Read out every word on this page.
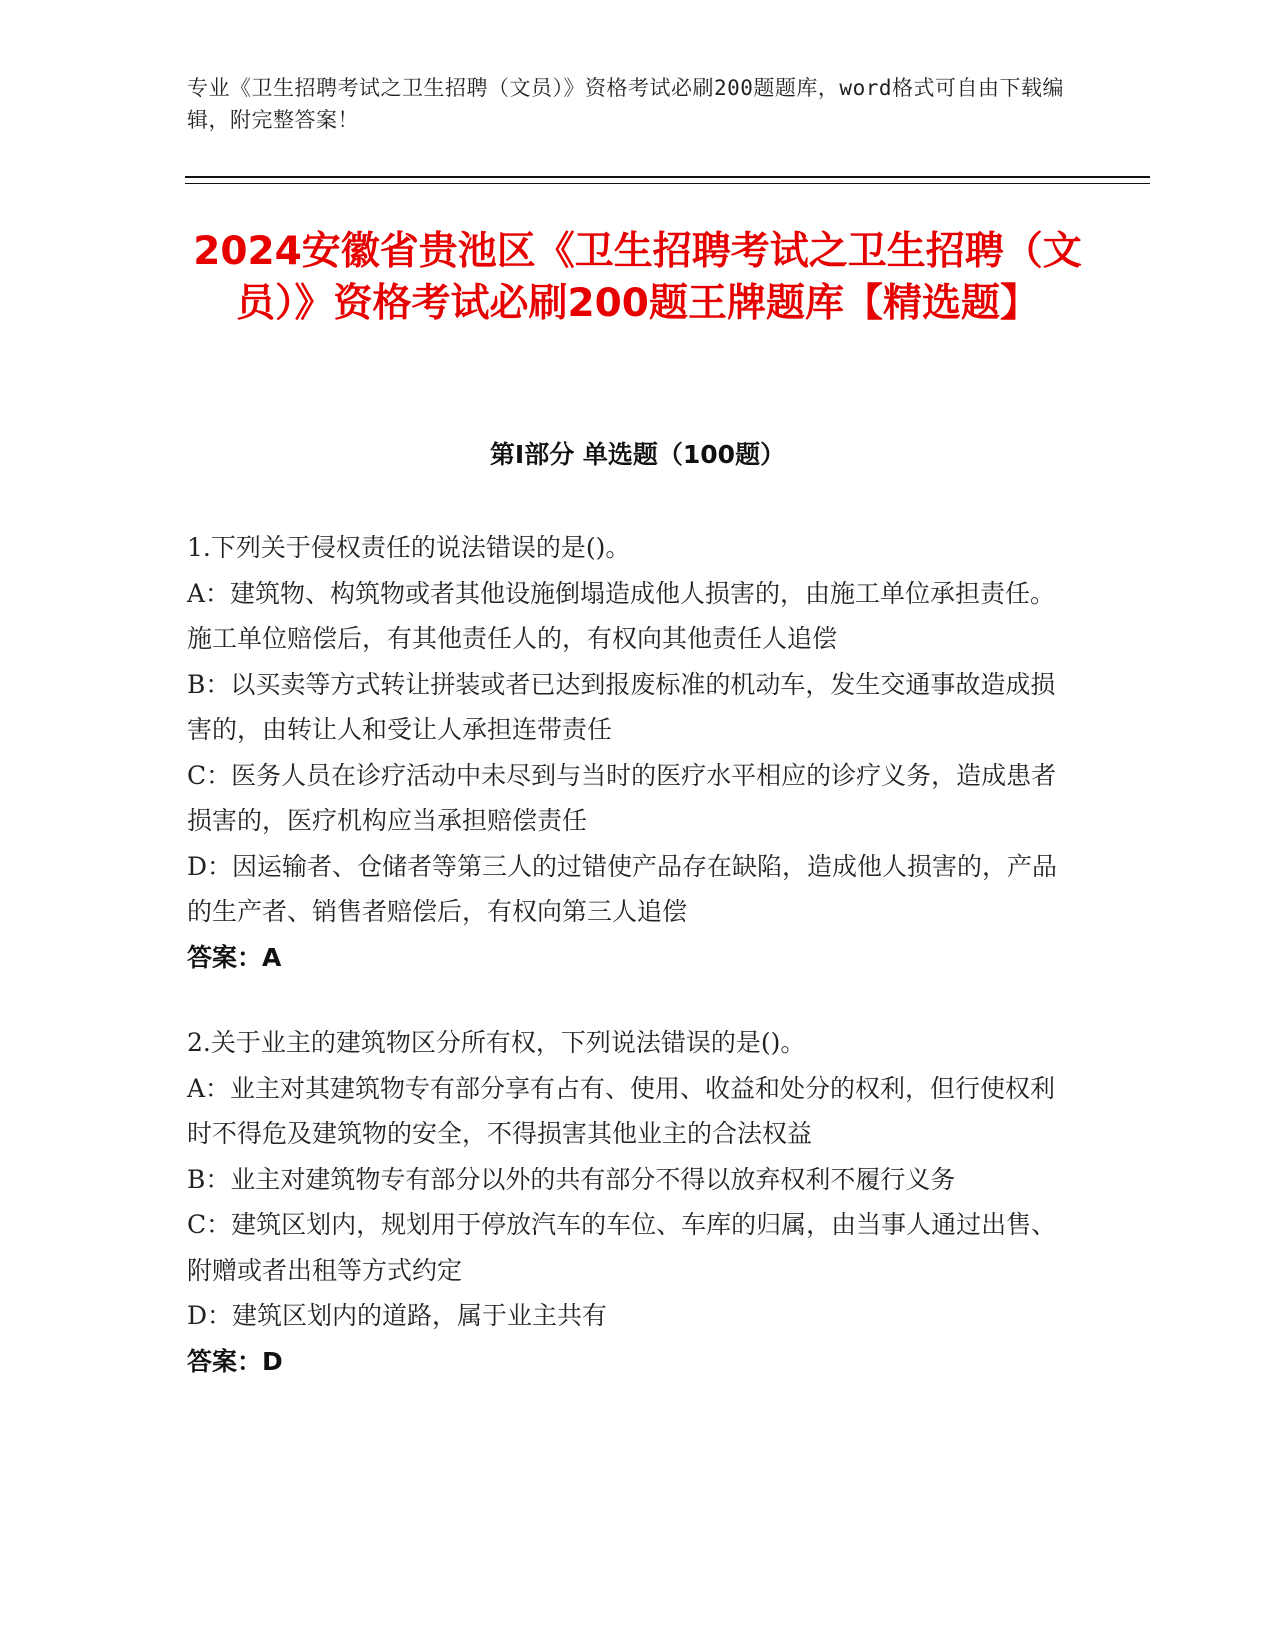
专业《卫生招聘考试之卫生招聘（文员）》资格考试必刷200题题库，word格式可自由下载编辑，附完整答案！
2024安徽省贵池区《卫生招聘考试之卫生招聘（文员）》资格考试必刷200题王牌题库【精选题】
第Ⅰ部分 单选题（100题）

1.下列关于侵权责任的说法错误的是()。

A：建筑物、构筑物或者其他设施倒塌造成他人损害的，由施工单位承担责任。施工单位赔偿后，有其他责任人的，有权向其他责任人追偿

B：以买卖等方式转让拼装或者已达到报废标准的机动车，发生交通事故造成损害的，由转让人和受让人承担连带责任

C：医务人员在诊疗活动中未尽到与当时的医疗水平相应的诊疗义务，造成患者损害的，医疗机构应当承担赔偿责任

D：因运输者、仓储者等第三人的过错使产品存在缺陷，造成他人损害的，产品的生产者、销售者赔偿后，有权向第三人追偿

答案：A

2.关于业主的建筑物区分所有权，下列说法错误的是()。

A：业主对其建筑物专有部分享有占有、使用、收益和处分的权利，但行使权利时不得危及建筑物的安全，不得损害其他业主的合法权益

B：业主对建筑物专有部分以外的共有部分不得以放弃权利不履行义务

C：建筑区划内，规划用于停放汽车的车位、车库的归属，由当事人通过出售、附赠或者出租等方式约定

D：建筑区划内的道路，属于业主共有

答案：D
